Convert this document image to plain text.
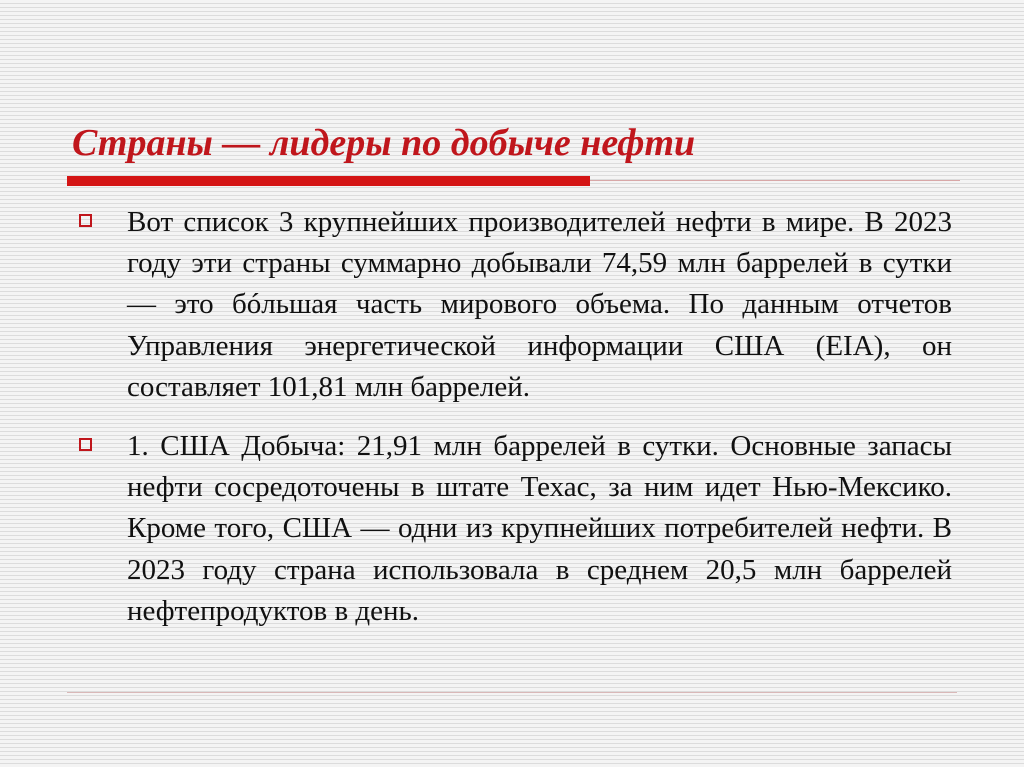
Страны — лидеры по добыче нефти
Вот список 3 крупнейших производителей нефти в мире. В 2023 году эти страны суммарно добывали 74,59 млн баррелей в сутки — это бóльшая часть мирового объема. По данным отчетов Управления энергетической информации США (EIA), он составляет 101,81 млн баррелей.
1. США Добыча: 21,91 млн баррелей в сутки. Основные запасы нефти сосредоточены в штате Техас, за ним идет Нью-Мексико. Кроме того, США — одни из крупнейших потребителей нефти. В 2023 году страна использовала в среднем 20,5 млн баррелей нефтепродуктов в день.
